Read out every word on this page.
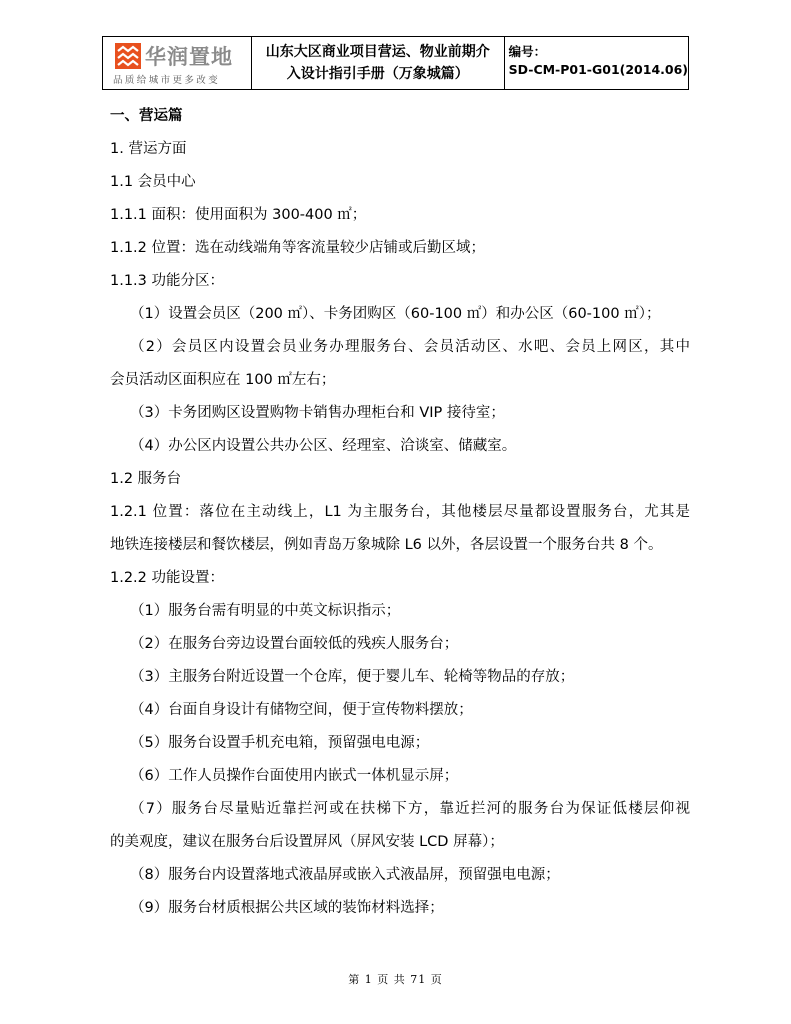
华润置地
品质给城市更多改变
山东大区商业项目营运、物业前期介
入设计指引手册（万象城篇）
编号：
SD-CM-P01-G01(2014.06)
一、营运篇
1. 营运方面
1.1 会员中心
1.1.1 面积：使用面积为 300-400 ㎡；
1.1.2 位置：选在动线端角等客流量较少店铺或后勤区域；
1.1.3 功能分区：
（1）设置会员区（200 ㎡）、卡务团购区（60-100 ㎡）和办公区（60-100 ㎡）；
（2）会员区内设置会员业务办理服务台、会员活动区、水吧、会员上网区，其中
会员活动区面积应在 100 ㎡左右；
（3）卡务团购区设置购物卡销售办理柜台和 VIP 接待室；
（4）办公区内设置公共办公区、经理室、洽谈室、储藏室。
1.2 服务台
1.2.1 位置：落位在主动线上，L1 为主服务台，其他楼层尽量都设置服务台，尤其是
地铁连接楼层和餐饮楼层，例如青岛万象城除 L6 以外，各层设置一个服务台共 8 个。
1.2.2 功能设置：
（1）服务台需有明显的中英文标识指示；
（2）在服务台旁边设置台面较低的残疾人服务台；
（3）主服务台附近设置一个仓库，便于婴儿车、轮椅等物品的存放；
（4）台面自身设计有储物空间，便于宣传物料摆放；
（5）服务台设置手机充电箱，预留强电电源；
（6）工作人员操作台面使用内嵌式一体机显示屏；
（7）服务台尽量贴近靠拦河或在扶梯下方，靠近拦河的服务台为保证低楼层仰视
的美观度，建议在服务台后设置屏风（屏风安装 LCD 屏幕）；
（8）服务台内设置落地式液晶屏或嵌入式液晶屏，预留强电电源；
（9）服务台材质根据公共区域的装饰材料选择；
第 1 页 共 71 页
